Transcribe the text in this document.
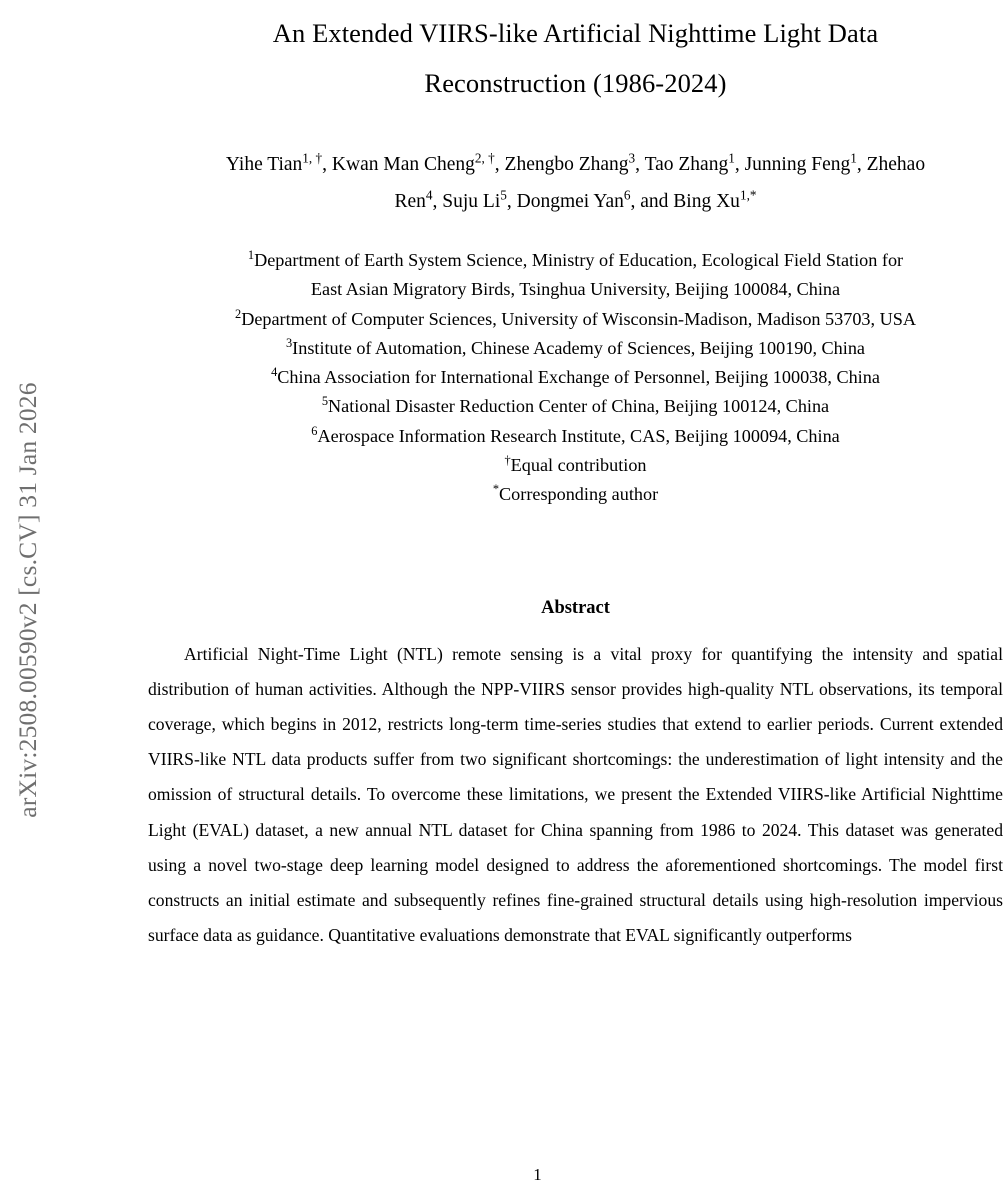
arXiv:2508.00590v2 [cs.CV] 31 Jan 2026
An Extended VIIRS-like Artificial Nighttime Light Data
Reconstruction (1986-2024)
Yihe Tian$^{1, \dagger}$, Kwan Man Cheng$^{2, \dagger}$, Zhengbo Zhang$^3$, Tao Zhang$^1$, Junning Feng$^1$, Zhehao
Ren$^4$, Suju Li$^5$, Dongmei Yan$^6$, and Bing $Xu^{1,*}$
$^1$Department of Earth System Science, Ministry of Education, Ecological Field Station for
East Asian Migratory Birds, Tsinghua University, Beijing 100084, China
$^2$Department of Computer Sciences, University of Wisconsin-Madison, Madison 53703, USA
$^3$Institute of Automation, Chinese Academy of Sciences, Beijing 100190, China
$^4$China Association for International Exchange of Personnel, Beijing 100038, China
$^5$National Disaster Reduction Center of China, Beijing 100124, China
$^6$Aerospace Information Research Institute, CAS, Beijing 100094, China
†Equal contribution
*Corresponding author
Abstract
Artificial Night-Time Light (NTL) remote sensing is a vital proxy for quantifying the intensity and spatial distribution of human activities. Although the NPP-VIIRS sensor provides high-quality NTL observations, its temporal coverage, which begins in 2012, restricts long-term time-series studies that extend to earlier periods. Current extended VIIRS-like NTL data products suffer from two significant shortcomings: the underestimation of light intensity and the omission of structural details. To overcome these limitations, we present the Extended VIIRS-like Artificial Nighttime Light (EVAL) dataset, a new annual NTL dataset for China spanning from 1986 to 2024. This dataset was generated using a novel two-stage deep learning model designed to address the aforementioned shortcomings. The model first constructs an initial estimate and subsequently refines fine-grained structural details using high-resolution impervious surface data as guidance. Quantitative evaluations demonstrate that EVAL significantly outperforms
1
